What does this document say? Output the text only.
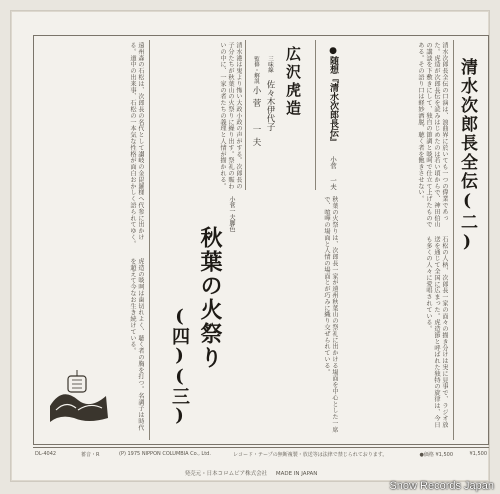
清水次郎長全伝(二)

清水次郎長全伝の口演は、浪曲界に於いても一つの偉業であった。虎造が次郎長伝を読みはじめたのは若い頃からで、神田伯山の講談を下敷きにして、独自の節調と啖呵で仕立て上げたものである。その語り口は軽妙洒脱、聴く者を飽きさせない。

石松の人柄、次郎長一家の面々の描き分けは実に見事で、ラジオ放送を通じて全国に広まった。虎造節と呼ばれた独特の旋律は、今日も多くの人々に愛唱されている。

●随想『清水次郎長伝』
小菅 一夫
広沢虎造
三味線
佐々木伊代子
監修・解説
小菅 一夫

秋葉の火祭りは、次郎長一家が遠州秋葉山の祭礼に出かける場面を中心とした一席で、喧嘩の場面と人情の場面とが巧みに織り交ぜられている。

小菅一夫脚色
秋葉の火祭り
(四)(三)

清水港は鬼より怖い大政小政の声がする。次郎長の子分たちが秋葉山の火祭りに繰り出す。祭礼の賑わいの中に、一家の者たちの義理と人情が描かれる。

遠州森の石松は、次郎長の名代として讃岐の金毘羅様へ代参に出かける。道中の出来事、石松の一本気な性格が面白おかしく語られてゆく。

虎造の啖呵は歯切れよく、聴く者の胸を打つ。名調子は時代を超えて今なお生き続けている。

DL-4042	蓄音・R	(P) 1975 NIPPON COLUMBIA Co., Ltd.	レコード・テープの無断複製・放送等は法律で禁じられております。	●価格 ¥1,500	¥1,500
発売元・日本コロムビア株式会社 MADE IN JAPAN
Snow Records Japan
